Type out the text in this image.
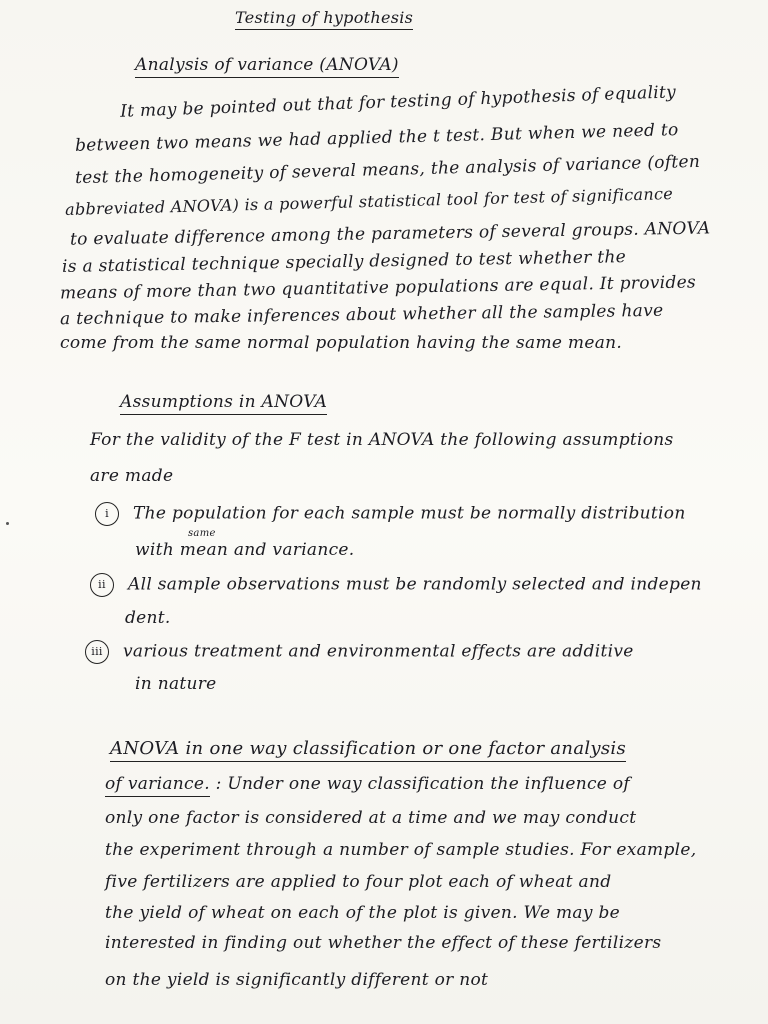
Testing of hypothesis
Analysis of variance (ANOVA)
It may be pointed out that for testing of hypothesis of equality
between two means we had applied the t test. But when we need to
test the homogeneity of several means, the analysis of variance (often
abbreviated ANOVA) is a powerful statistical tool for test of significance
to evaluate difference among the parameters of several groups. ANOVA
is a statistical technique specially designed to test whether the
means of more than two quantitative populations are equal. It provides
a technique to make inferences about whether all the samples have
come from the same normal population having the same mean.
Assumptions in ANOVA
For the validity of the F test in ANOVA the following assumptions
are made
i The population for each sample must be normally distribution
same
with mean and variance.
ii All sample observations must be randomly selected and indepen
dent.
iii various treatment and environmental effects are additive
in nature
ANOVA in one way classification or one factor analysis
of variance. : Under one way classification the influence of
only one factor is considered at a time and we may conduct
the experiment through a number of sample studies. For example,
five fertilizers are applied to four plot each of wheat and
the yield of wheat on each of the plot is given. We may be
interested in finding out whether the effect of these fertilizers
on the yield is significantly different or not
